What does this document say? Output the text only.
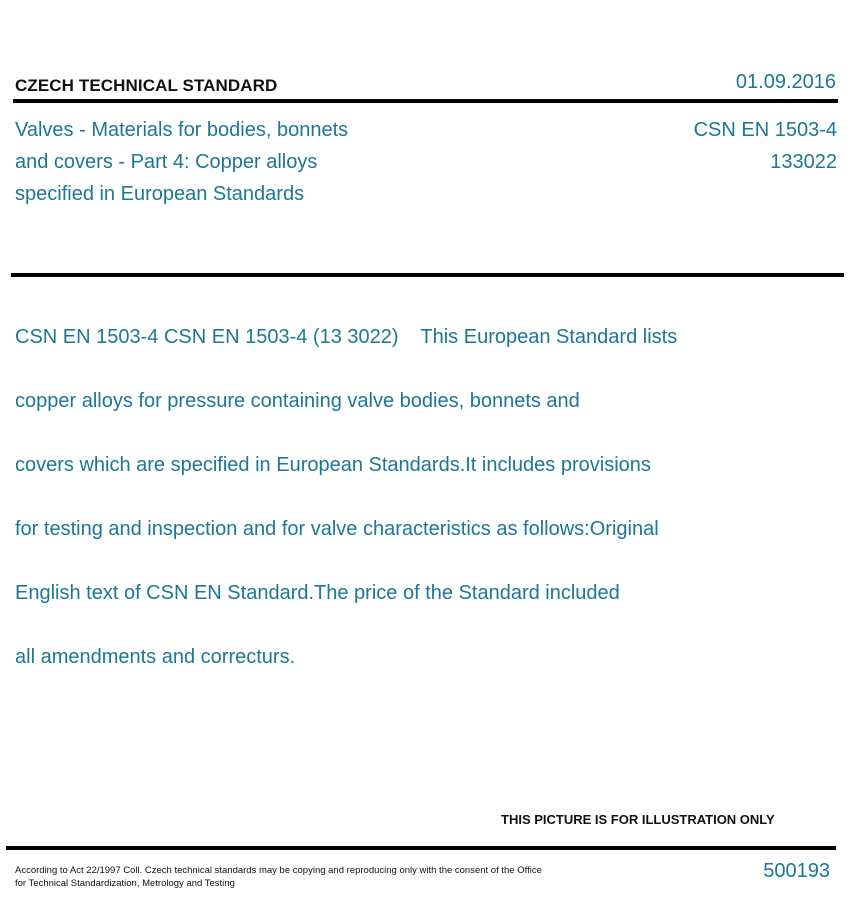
CZECH TECHNICAL STANDARD	01.09.2016
Valves - Materials for bodies, bonnets
and covers - Part 4: Copper alloys
specified in European Standards
CSN EN 1503-4
133022

CSN EN 1503-4 CSN EN 1503-4 (13 3022)    This European Standard lists

copper alloys for pressure containing valve bodies, bonnets and

covers which are specified in European Standards.It includes provisions

for testing and inspection and for valve characteristics as follows:Original

English text of CSN EN Standard.The price of the Standard included

all amendments and correcturs.

THIS PICTURE IS FOR ILLUSTRATION ONLY
According to Act 22/1997 Coll. Czech technical standards may be copying and reproducing only with the consent of the Office
for Technical Standardization, Metrology and Testing
500193
